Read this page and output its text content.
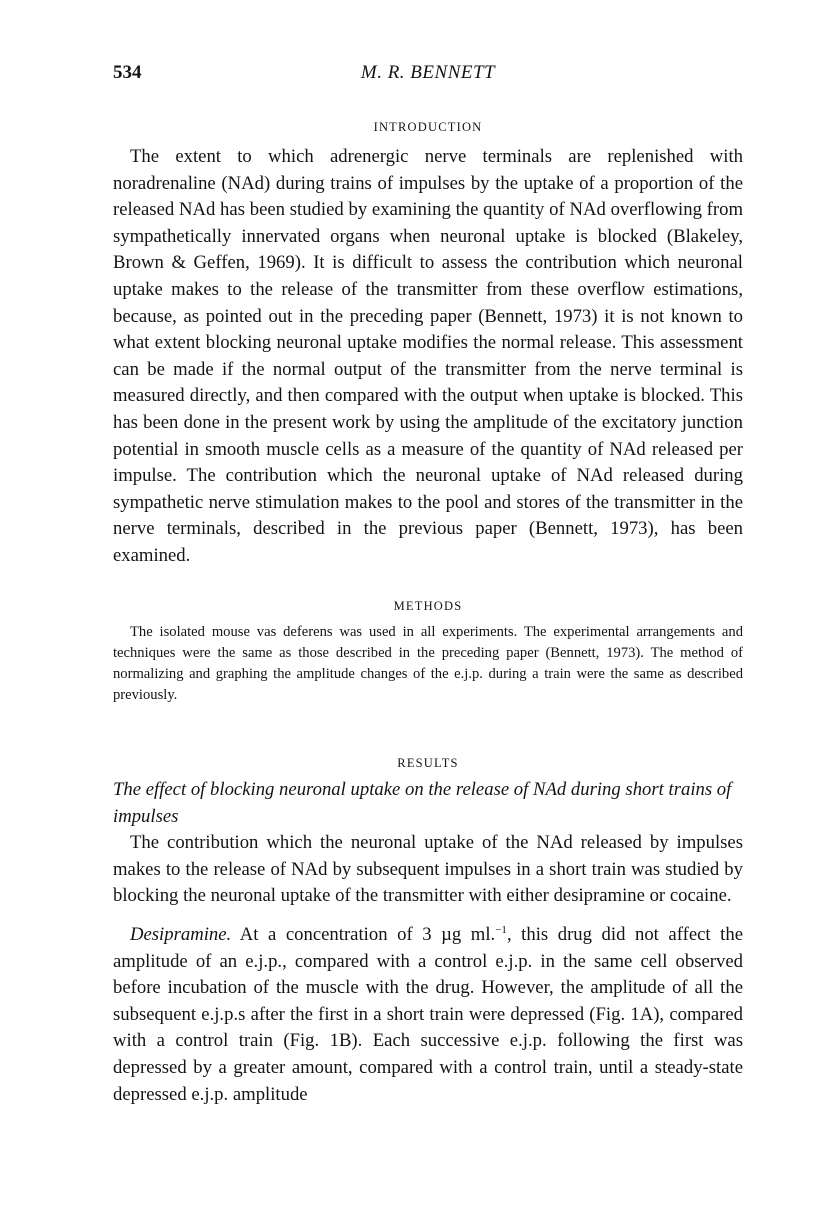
534	M. R. BENNETT
INTRODUCTION

The extent to which adrenergic nerve terminals are replenished with noradrenaline (NAd) during trains of impulses by the uptake of a proportion of the released NAd has been studied by examining the quantity of NAd overflowing from sympathetically innervated organs when neuronal uptake is blocked (Blakeley, Brown & Geffen, 1969). It is difficult to assess the contribution which neuronal uptake makes to the release of the transmitter from these overflow estimations, because, as pointed out in the preceding paper (Bennett, 1973) it is not known to what extent blocking neuronal uptake modifies the normal release. This assessment can be made if the normal output of the transmitter from the nerve terminal is measured directly, and then compared with the output when uptake is blocked. This has been done in the present work by using the amplitude of the excitatory junction potential in smooth muscle cells as a measure of the quantity of NAd released per impulse. The contribution which the neuronal uptake of NAd released during sympathetic nerve stimulation makes to the pool and stores of the transmitter in the nerve terminals, described in the previous paper (Bennett, 1973), has been examined.

METHODS

The isolated mouse vas deferens was used in all experiments. The experimental arrangements and techniques were the same as those described in the preceding paper (Bennett, 1973). The method of normalizing and graphing the amplitude changes of the e.j.p. during a train were the same as described previously.

RESULTS

The effect of blocking neuronal uptake on the release of NAd during short trains of impulses

The contribution which the neuronal uptake of the NAd released by impulses makes to the release of NAd by subsequent impulses in a short train was studied by blocking the neuronal uptake of the transmitter with either desipramine or cocaine.

Desipramine. At a concentration of 3 µg ml.$^{-1}$, this drug did not affect the amplitude of an e.j.p., compared with a control e.j.p. in the same cell observed before incubation of the muscle with the drug. However, the amplitude of all the subsequent e.j.p.s after the first in a short train were depressed (Fig. 1A), compared with a control train (Fig. 1B). Each successive e.j.p. following the first was depressed by a greater amount, compared with a control train, until a steady-state depressed e.j.p. amplitude
